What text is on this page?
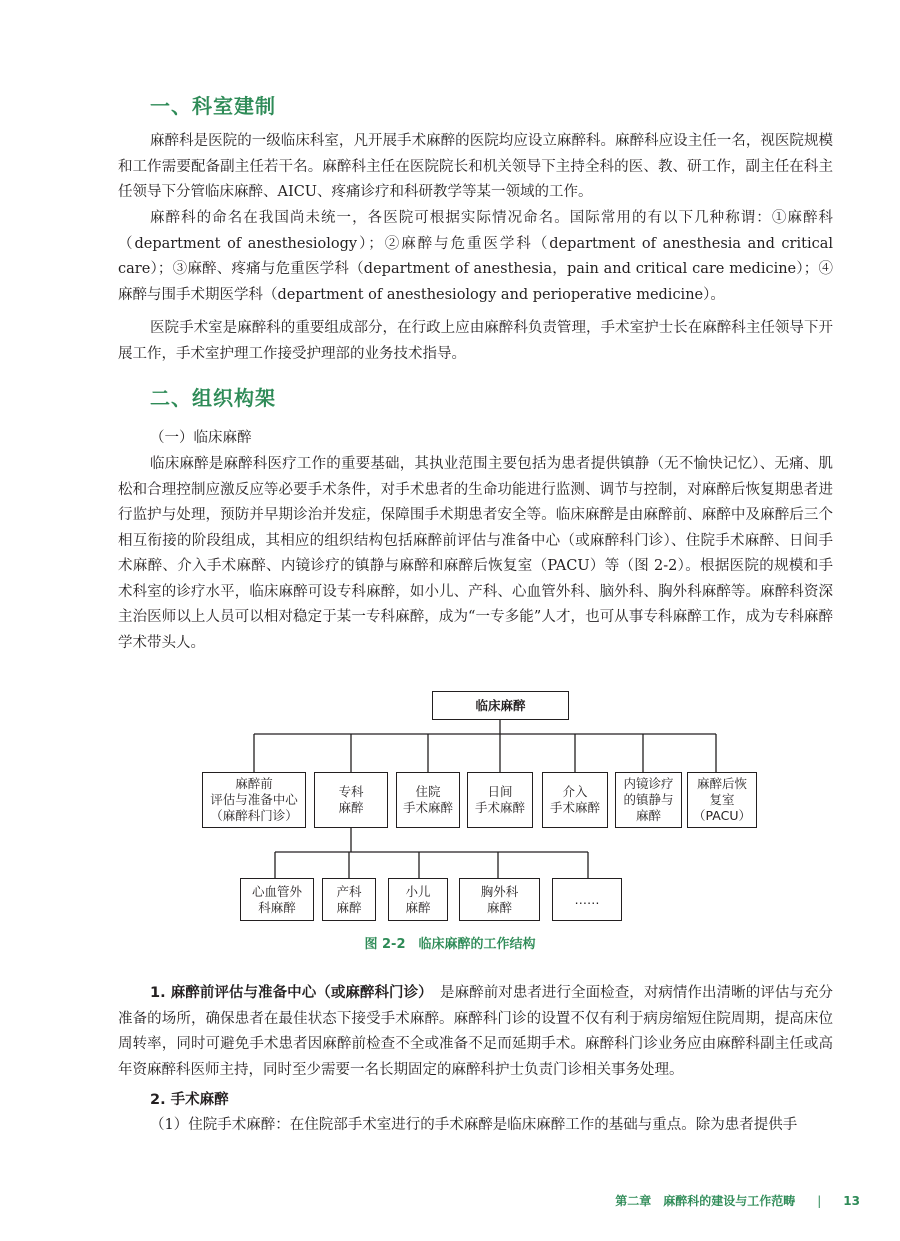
一、科室建制

麻醉科是医院的一级临床科室，凡开展手术麻醉的医院均应设立麻醉科。麻醉科应设主任一名，视医院规模和工作需要配备副主任若干名。麻醉科主任在医院院长和机关领导下主持全科的医、教、研工作，副主任在科主任领导下分管临床麻醉、AICU、疼痛诊疗和科研教学等某一领域的工作。

麻醉科的命名在我国尚未统一，各医院可根据实际情况命名。国际常用的有以下几种称谓：①麻醉科（department of anesthesiology）；②麻醉与危重医学科（department of anesthesia and critical care）；③麻醉、疼痛与危重医学科（department of anesthesia，pain and critical care medicine）；④麻醉与围手术期医学科（department of anesthesiology and perioperative medicine）。

医院手术室是麻醉科的重要组成部分，在行政上应由麻醉科负责管理，手术室护士长在麻醉科主任领导下开展工作，手术室护理工作接受护理部的业务技术指导。

二、组织构架

（一）临床麻醉

临床麻醉是麻醉科医疗工作的重要基础，其执业范围主要包括为患者提供镇静（无不愉快记忆）、无痛、肌松和合理控制应激反应等必要手术条件，对手术患者的生命功能进行监测、调节与控制，对麻醉后恢复期患者进行监护与处理，预防并早期诊治并发症，保障围手术期患者安全等。临床麻醉是由麻醉前、麻醉中及麻醉后三个相互衔接的阶段组成，其相应的组织结构包括麻醉前评估与准备中心（或麻醉科门诊）、住院手术麻醉、日间手术麻醉、介入手术麻醉、内镜诊疗的镇静与麻醉和麻醉后恢复室（PACU）等（图 2-2）。根据医院的规模和手术科室的诊疗水平，临床麻醉可设专科麻醉，如小儿、产科、心血管外科、脑外科、胸外科麻醉等。麻醉科资深主治医师以上人员可以相对稳定于某一专科麻醉，成为“一专多能”人才，也可从事专科麻醉工作，成为专科麻醉学术带头人。

临床麻醉
麻醉前
评估与准备中心
（麻醉科门诊）
专科
麻醉
住院
手术麻醉
日间
手术麻醉
介入
手术麻醉
内镜诊疗
的镇静与
麻醉
麻醉后恢
复室
（PACU）
心血管外
科麻醉
产科
麻醉
小儿
麻醉
胸外科
麻醉
……
图 2-2　临床麻醉的工作结构

1. 麻醉前评估与准备中心（或麻醉科门诊）　 是麻醉前对患者进行全面检查，对病情作出清晰的评估与充分准备的场所，确保患者在最佳状态下接受手术麻醉。麻醉科门诊的设置不仅有利于病房缩短住院周期，提高床位周转率，同时可避免手术患者因麻醉前检查不全或准备不足而延期手术。麻醉科门诊业务应由麻醉科副主任或高年资麻醉科医师主持，同时至少需要一名长期固定的麻醉科护士负责门诊相关事务处理。

2. 手术麻醉

（1）住院手术麻醉：在住院部手术室进行的手术麻醉是临床麻醉工作的基础与重点。除为患者提供手

第二章　麻醉科的建设与工作范畴 | 13
